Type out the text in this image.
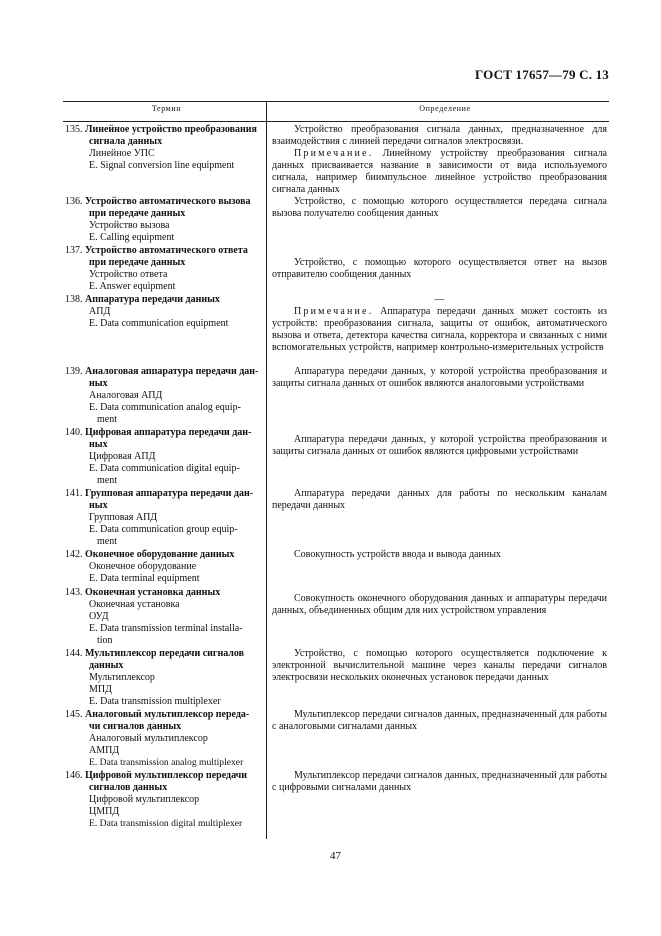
ГОСТ 17657—79 С. 13
Термин	Определение
135. Линейное устройство преобразования
сигнала данных
Линейное УПС
E. Signal conversion line equipment

Устройство преобразования сигнала данных, предназначенное для взаимодействия с линией передачи сигналов электросвязи.

Примечание. Линейному устройству преобразования сигнала данных присваивается название в зависимости от вида используемого сигнала, например биимпульсное линейное устройство преобразования сигнала данных

136. Устройство автоматического вызова
при передаче данных
Устройство вызова
E. Calling equipment

Устройство, с помощью которого осуществляется передача сигнала вызова получателю сообщения данных

137. Устройство автоматического ответа
при передаче данных
Устройство ответа
E. Answer equipment

Устройство, с помощью которого осуществляется ответ на вызов отправителю сообщения данных

138. Аппаратура передачи данных
АПД
E. Data communication equipment
—

Примечание. Аппаратура передачи данных может состоять из устройств: преобразования сигнала, защиты от ошибок, автоматического вызова и ответа, детектора качества сигнала, корректора и связанных с ними вспомогательных устройств, например контрольно-измерительных устройств

139. Аналоговая аппаратура передачи дан-
ных
Аналоговая АПД
E. Data communication analog equip-
ment

Аппаратура передачи данных, у которой устройства преобразования и защиты сигнала данных от ошибок являются аналоговыми устройствами

140. Цифровая аппаратура передачи дан-
ных
Цифровая АПД
E. Data communication digital equip-
ment

Аппаратура передачи данных, у которой устройства преобразования и защиты сигнала данных от ошибок являются цифровыми устройствами

141. Групповая аппаратура передачи дан-
ных
Групповая АПД
E. Data communication group equip-
ment

Аппаратура передачи данных для работы по нескольким каналам передачи данных

142. Оконечное оборудование данных
Оконечное оборудование
E. Data terminal equipment

Совокупность устройств ввода и вывода данных

143. Оконечная установка данных
Оконечная установка
ОУД
E. Data transmission terminal installa-
tion

Совокупность оконечного оборудования данных и аппаратуры передачи данных, объединенных общим для них устройством управления

144. Мультиплексор передачи сигналов
данных
Мультиплексор
МПД
E. Data transmission multiplexer

Устройство, с помощью которого осуществляется подключение к электронной вычислительной машине через каналы передачи сигналов электросвязи нескольких оконечных установок передачи данных

145. Аналоговый мультиплексор переда-
чи сигналов данных
Аналоговый мультиплексор
АМПД
E. Data transmission analog multiplexer

Мультиплексор передачи сигналов данных, предназначенный для работы с аналоговыми сигналами данных

146. Цифровой мультиплексор передачи
сигналов данных
Цифровой мультиплексор
ЦМПД
E. Data transmission digital multiplexer

Мультиплексор передачи сигналов данных, предназначенный для работы с цифровыми сигналами данных

47
